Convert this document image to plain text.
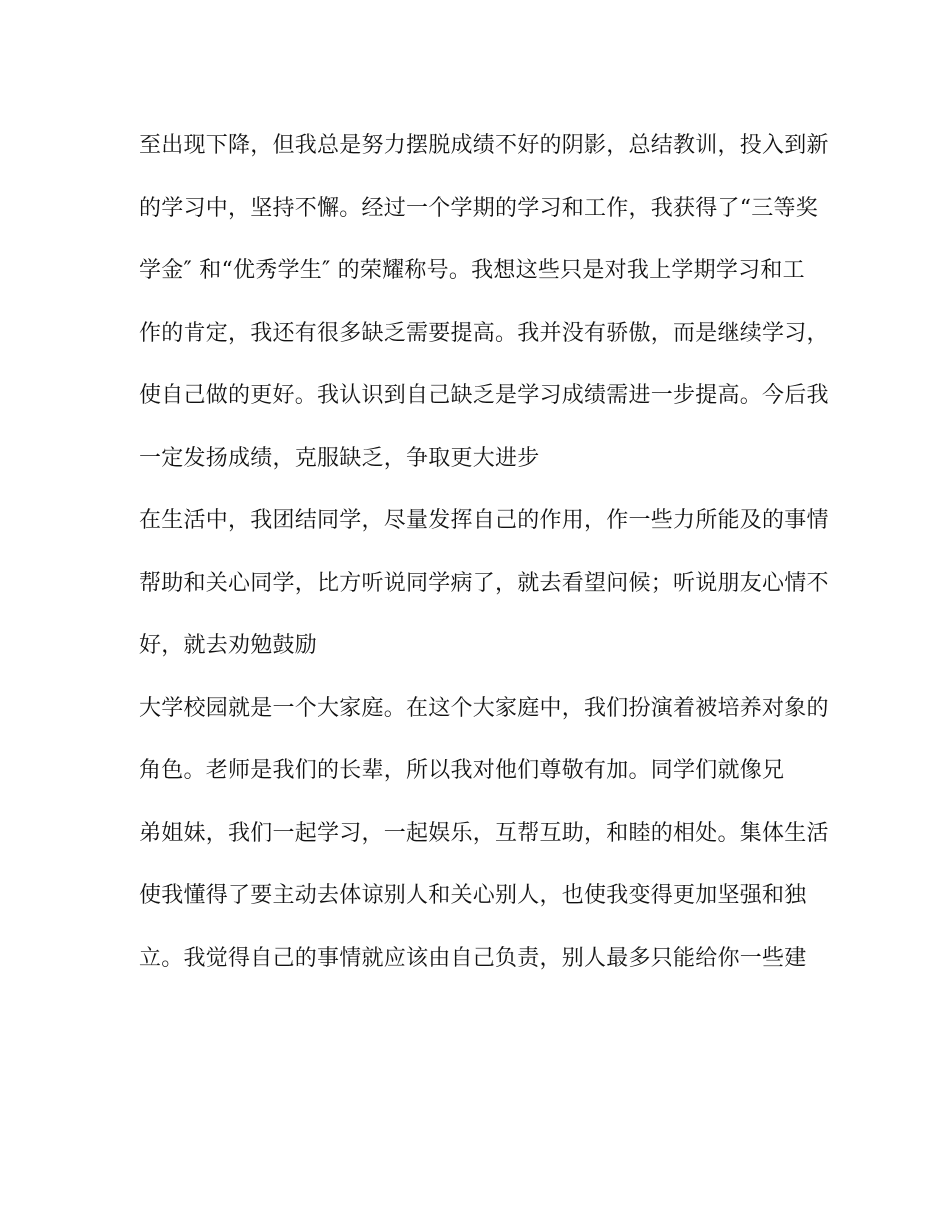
至出现下降，但我总是努力摆脱成绩不好的阴影，总结教训，投入到新

的学习中，坚持不懈。经过一个学期的学习和工作，我获得了“三等奖

学金″ 和“优秀学生″ 的荣耀称号。我想这些只是对我上学期学习和工

作的肯定，我还有很多缺乏需要提高。我并没有骄傲，而是继续学习，

使自己做的更好。我认识到自己缺乏是学习成绩需进一步提高。今后我

一定发扬成绩，克服缺乏，争取更大进步

在生活中，我团结同学，尽量发挥自己的作用，作一些力所能及的事情

帮助和关心同学，比方听说同学病了，就去看望问候；听说朋友心情不

好，就去劝勉鼓励

大学校园就是一个大家庭。在这个大家庭中，我们扮演着被培养对象的

角色。老师是我们的长辈，所以我对他们尊敬有加。同学们就像兄

弟姐妹，我们一起学习，一起娱乐，互帮互助，和睦的相处。集体生活

使我懂得了要主动去体谅别人和关心别人，也使我变得更加坚强和独

立。我觉得自己的事情就应该由自己负责，别人最多只能给你一些建
